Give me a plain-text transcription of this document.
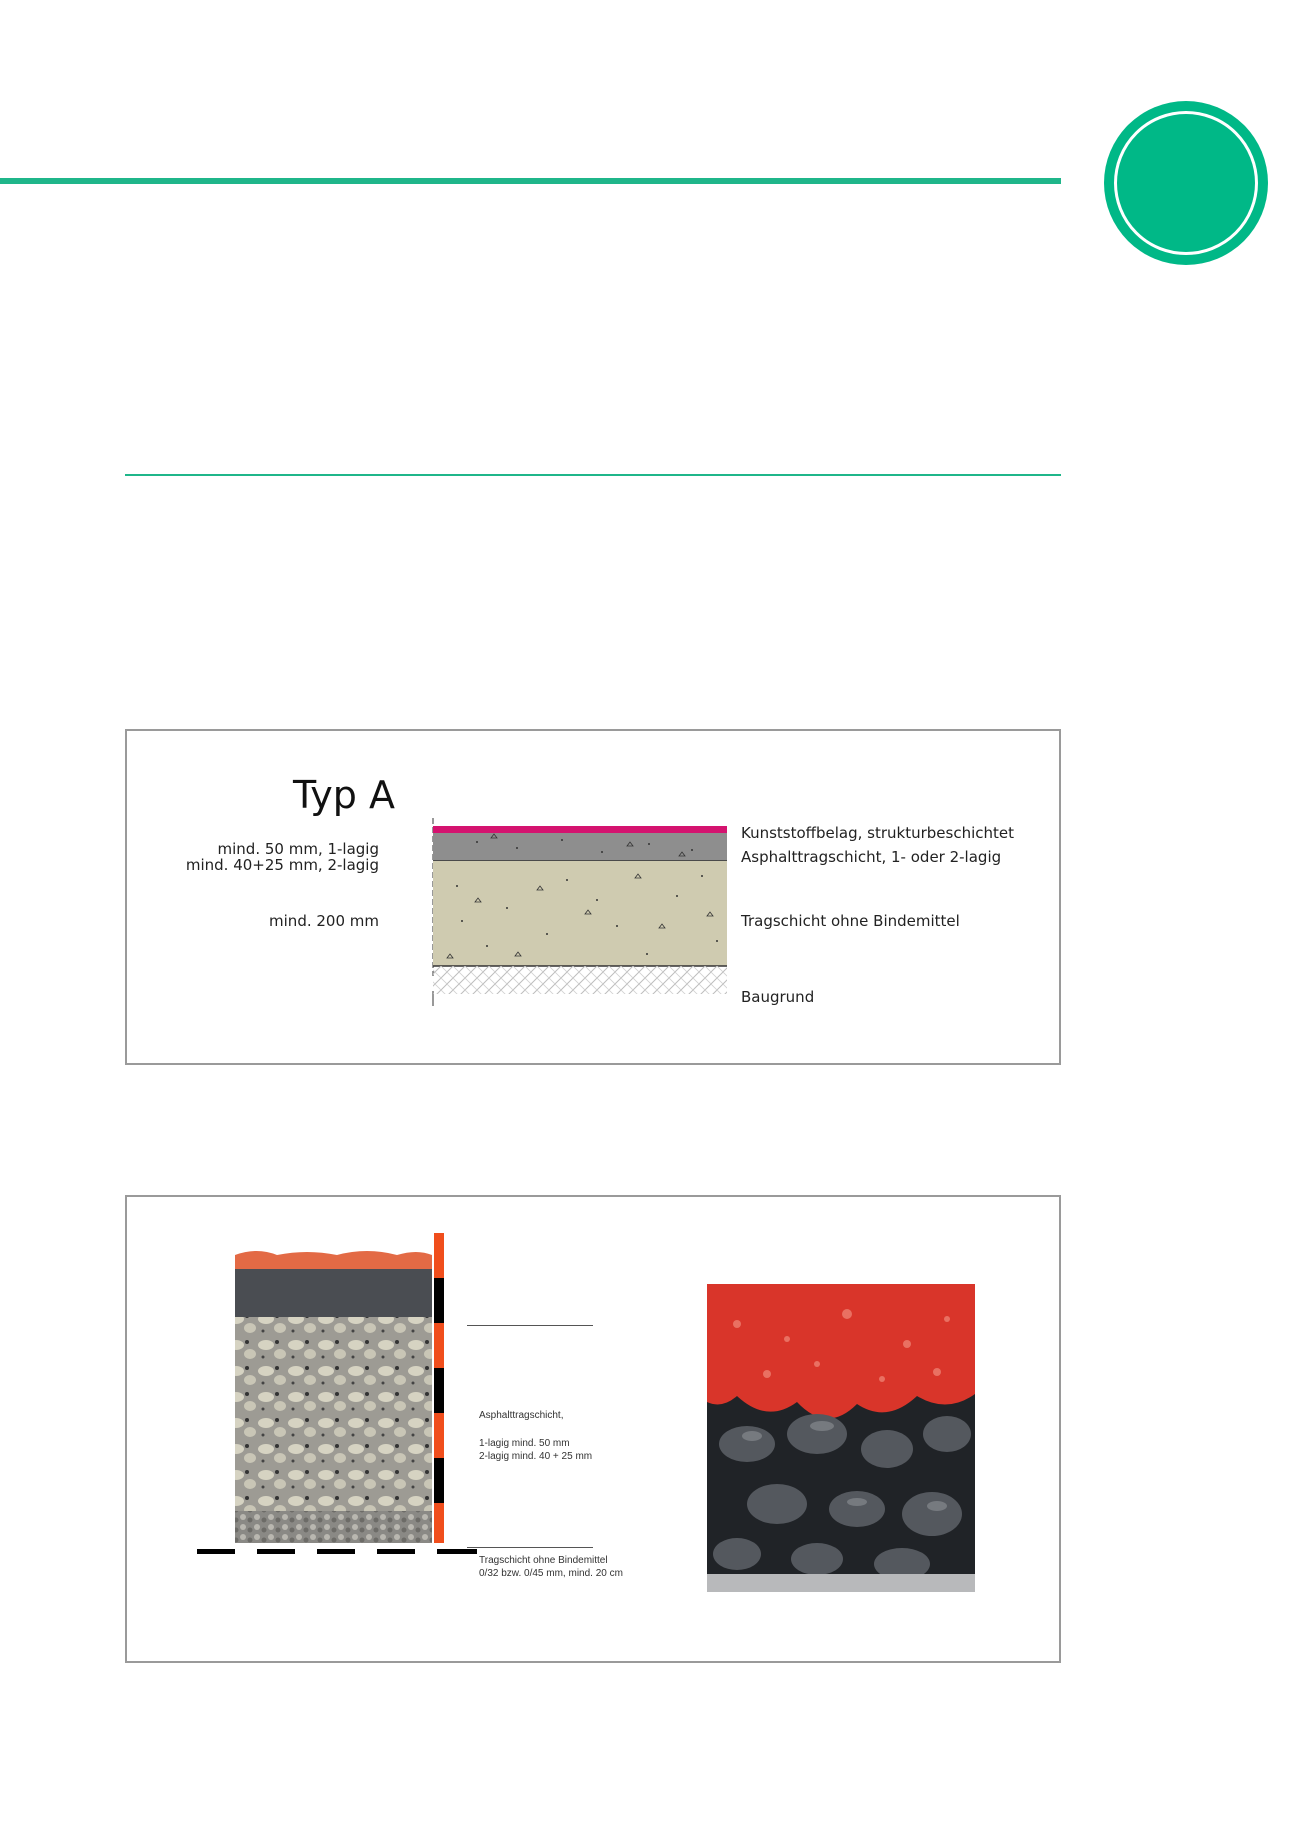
Typ A
mind. 50 mm, 1-lagig
mind. 40+25 mm, 2-lagig
mind. 200 mm
Kunststoffbelag, strukturbeschichtet
Asphalttragschicht, 1- oder 2-lagig
Tragschicht ohne Bindemittel
Baugrund
Asphalttragschicht,
1-lagig mind. 50 mm
2-lagig mind. 40 + 25 mm
Tragschicht ohne Bindemittel
0/32 bzw. 0/45 mm, mind. 20 cm
